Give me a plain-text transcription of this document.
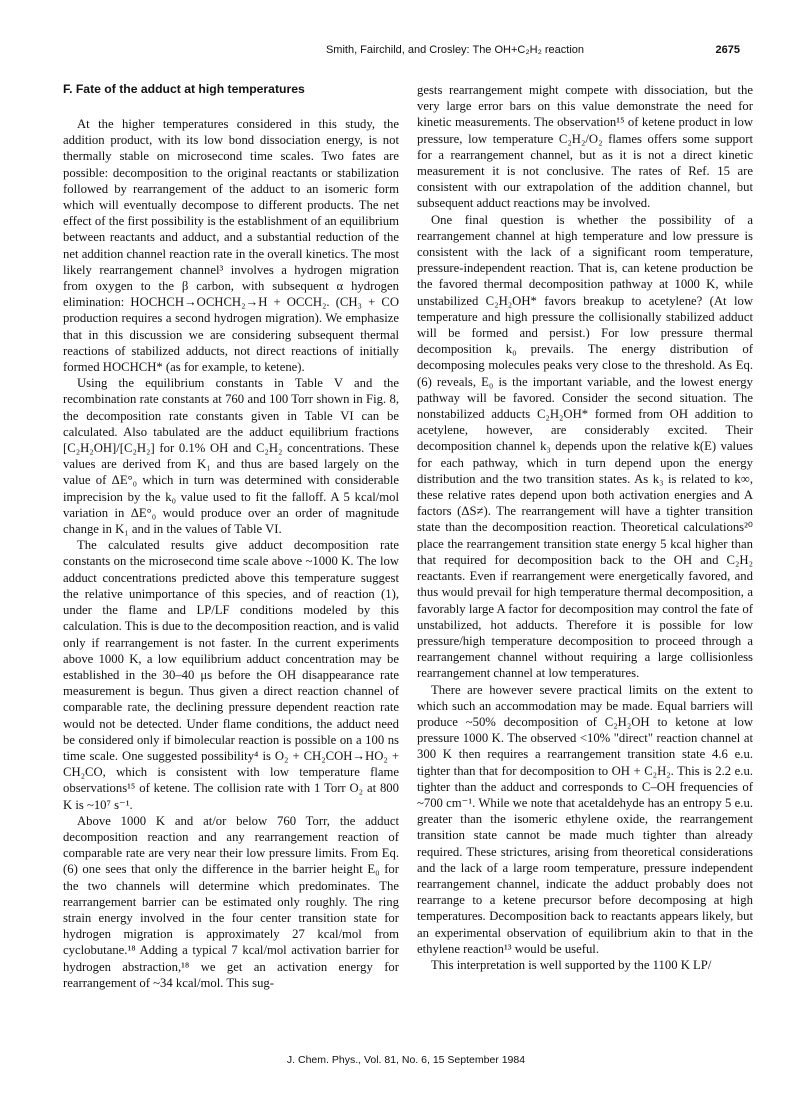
Smith, Fairchild, and Crosley: The OH+C₂H₂ reaction	2675
F. Fate of the adduct at high temperatures

At the higher temperatures considered in this study, the addition product, with its low bond dissociation energy, is not thermally stable on microsecond time scales. Two fates are possible: decomposition to the original reactants or stabilization followed by rearrangement of the adduct to an isomeric form which will eventually decompose to different products. The net effect of the first possibility is the establishment of an equilibrium between reactants and adduct, and a substantial reduction of the net addition channel reaction rate in the overall kinetics. The most likely rearrangement channel³ involves a hydrogen migration from oxygen to the β carbon, with subsequent α hydrogen elimination: HOCHCH→OCHCH₂→H + OCCH₂. (CH₃ + CO production requires a second hydrogen migration). We emphasize that in this discussion we are considering subsequent thermal reactions of stabilized adducts, not direct reactions of initially formed HOCHCH* (as for example, to ketene).

Using the equilibrium constants in Table V and the recombination rate constants at 760 and 100 Torr shown in Fig. 8, the decomposition rate constants given in Table VI can be calculated. Also tabulated are the adduct equilibrium fractions [C₂H₂OH]/[C₂H₂] for 0.1% OH and C₂H₂ concentrations. These values are derived from K₁ and thus are based largely on the value of ΔE°₀ which in turn was determined with considerable imprecision by the k₀ value used to fit the falloff. A 5 kcal/mol variation in ΔE°₀ would produce over an order of magnitude change in K₁ and in the values of Table VI.

The calculated results give adduct decomposition rate constants on the microsecond time scale above ~1000 K. The low adduct concentrations predicted above this temperature suggest the relative unimportance of this species, and of reaction (1), under the flame and LP/LF conditions modeled by this calculation. This is due to the decomposition reaction, and is valid only if rearrangement is not faster. In the current experiments above 1000 K, a low equilibrium adduct concentration may be established in the 30–40 μs before the OH disappearance rate measurement is begun. Thus given a direct reaction channel of comparable rate, the declining pressure dependent reaction rate would not be detected. Under flame conditions, the adduct need be considered only if bimolecular reaction is possible on a 100 ns time scale. One suggested possibility⁴ is O₂ + CH₂COH→HO₂ + CH₂CO, which is consistent with low temperature flame observations¹⁵ of ketene. The collision rate with 1 Torr O₂ at 800 K is ~10⁷ s⁻¹.

Above 1000 K and at/or below 760 Torr, the adduct decomposition reaction and any rearrangement reaction of comparable rate are very near their low pressure limits. From Eq. (6) one sees that only the difference in the barrier height E₀ for the two channels will determine which predominates. The rearrangement barrier can be estimated only roughly. The ring strain energy involved in the four center transition state for hydrogen migration is approximately 27 kcal/mol from cyclobutane.¹⁸ Adding a typical 7 kcal/mol activation barrier for hydrogen abstraction,¹⁸ we get an activation energy for rearrangement of ~34 kcal/mol. This sug-

gests rearrangement might compete with dissociation, but the very large error bars on this value demonstrate the need for kinetic measurements. The observation¹⁵ of ketene product in low pressure, low temperature C₂H₂/O₂ flames offers some support for a rearrangement channel, but as it is not a direct kinetic measurement it is not conclusive. The rates of Ref. 15 are consistent with our extrapolation of the addition channel, but subsequent adduct reactions may be involved.

One final question is whether the possibility of a rearrangement channel at high temperature and low pressure is consistent with the lack of a significant room temperature, pressure-independent reaction. That is, can ketene production be the favored thermal decomposition pathway at 1000 K, while unstabilized C₂H₂OH* favors breakup to acetylene? (At low temperature and high pressure the collisionally stabilized adduct will be formed and persist.) For low pressure thermal decomposition k₀ prevails. The energy distribution of decomposing molecules peaks very close to the threshold. As Eq. (6) reveals, E₀ is the important variable, and the lowest energy pathway will be favored. Consider the second situation. The nonstabilized adducts C₂H₂OH* formed from OH addition to acetylene, however, are considerably excited. Their decomposition channel k₃ depends upon the relative k(E) values for each pathway, which in turn depend upon the energy distribution and the two transition states. As k₃ is related to k∞, these relative rates depend upon both activation energies and A factors (ΔS≠). The rearrangement will have a tighter transition state than the decomposition reaction. Theoretical calculations²⁰ place the rearrangement transition state energy 5 kcal higher than that required for decomposition back to the OH and C₂H₂ reactants. Even if rearrangement were energetically favored, and thus would prevail for high temperature thermal decomposition, a favorably large A factor for decomposition may control the fate of unstabilized, hot adducts. Therefore it is possible for low pressure/high temperature decomposition to proceed through a rearrangement channel without requiring a large collisionless rearrangement channel at low temperatures.

There are however severe practical limits on the extent to which such an accommodation may be made. Equal barriers will produce ~50% decomposition of C₂H₂OH to ketone at low pressure 1000 K. The observed <10% "direct" reaction channel at 300 K then requires a rearrangement transition state 4.6 e.u. tighter than that for decomposition to OH + C₂H₂. This is 2.2 e.u. tighter than the adduct and corresponds to C–OH frequencies of ~700 cm⁻¹. While we note that acetaldehyde has an entropy 5 e.u. greater than the isomeric ethylene oxide, the rearrangement transition state cannot be made much tighter than already required. These strictures, arising from theoretical considerations and the lack of a large room temperature, pressure independent rearrangement channel, indicate the adduct probably does not rearrange to a ketene precursor before decomposing at high temperatures. Decomposition back to reactants appears likely, but an experimental observation of equilibrium akin to that in the ethylene reaction¹³ would be useful.

This interpretation is well supported by the 1100 K LP/

J. Chem. Phys., Vol. 81, No. 6, 15 September 1984
